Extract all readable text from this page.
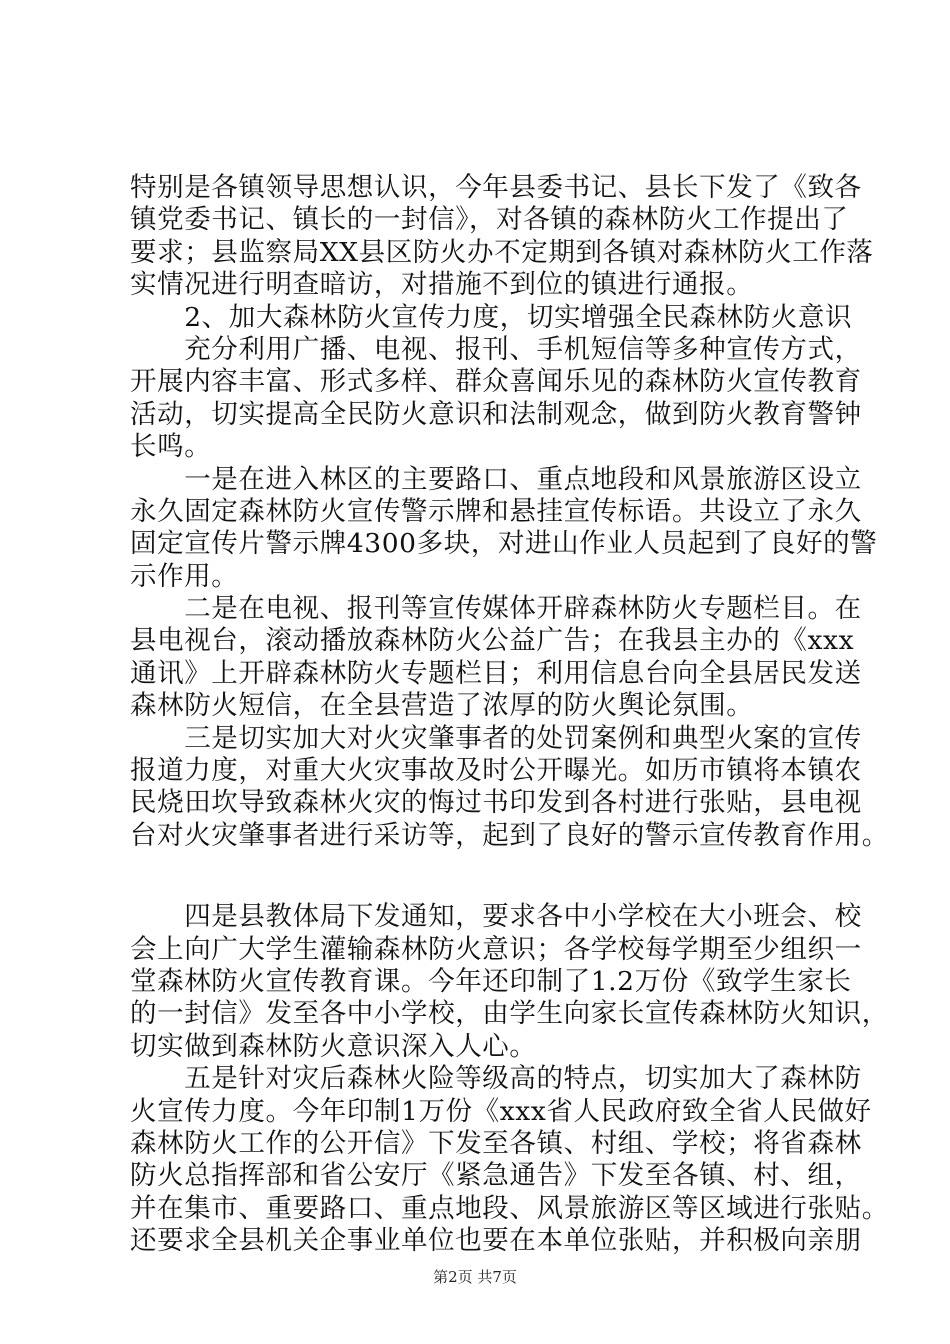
特别是各镇领导思想认识，今年县委书记、县长下发了《致各
镇党委书记、镇长的一封信》，对各镇的森林防火工作提出了
要求；县监察局XX县区防火办不定期到各镇对森林防火工作落
实情况进行明查暗访，对措施不到位的镇进行通报。
　　2、加大森林防火宣传力度，切实增强全民森林防火意识
　　充分利用广播、电视、报刊、手机短信等多种宣传方式，
开展内容丰富、形式多样、群众喜闻乐见的森林防火宣传教育
活动，切实提高全民防火意识和法制观念，做到防火教育警钟
长鸣。
　　一是在进入林区的主要路口、重点地段和风景旅游区设立
永久固定森林防火宣传警示牌和悬挂宣传标语。共设立了永久
固定宣传片警示牌4300多块，对进山作业人员起到了良好的警
示作用。
　　二是在电视、报刊等宣传媒体开辟森林防火专题栏目。在
县电视台，滚动播放森林防火公益广告；在我县主办的《xxx
通讯》上开辟森林防火专题栏目；利用信息台向全县居民发送
森林防火短信，在全县营造了浓厚的防火舆论氛围。
　　三是切实加大对火灾肇事者的处罚案例和典型火案的宣传
报道力度，对重大火灾事故及时公开曝光。如历市镇将本镇农
民烧田坎导致森林火灾的悔过书印发到各村进行张贴，县电视
台对火灾肇事者进行采访等，起到了良好的警示宣传教育作用。
　　四是县教体局下发通知，要求各中小学校在大小班会、校
会上向广大学生灌输森林防火意识；各学校每学期至少组织一
堂森林防火宣传教育课。今年还印制了1.2万份《致学生家长
的一封信》发至各中小学校，由学生向家长宣传森林防火知识，
切实做到森林防火意识深入人心。
　　五是针对灾后森林火险等级高的特点，切实加大了森林防
火宣传力度。今年印制1万份《xxx省人民政府致全省人民做好
森林防火工作的公开信》下发至各镇、村组、学校；将省森林
防火总指挥部和省公安厅《紧急通告》下发至各镇、村、组，
并在集市、重要路口、重点地段、风景旅游区等区域进行张贴。
还要求全县机关企事业单位也要在本单位张贴，并积极向亲朋
第2页 共7页
